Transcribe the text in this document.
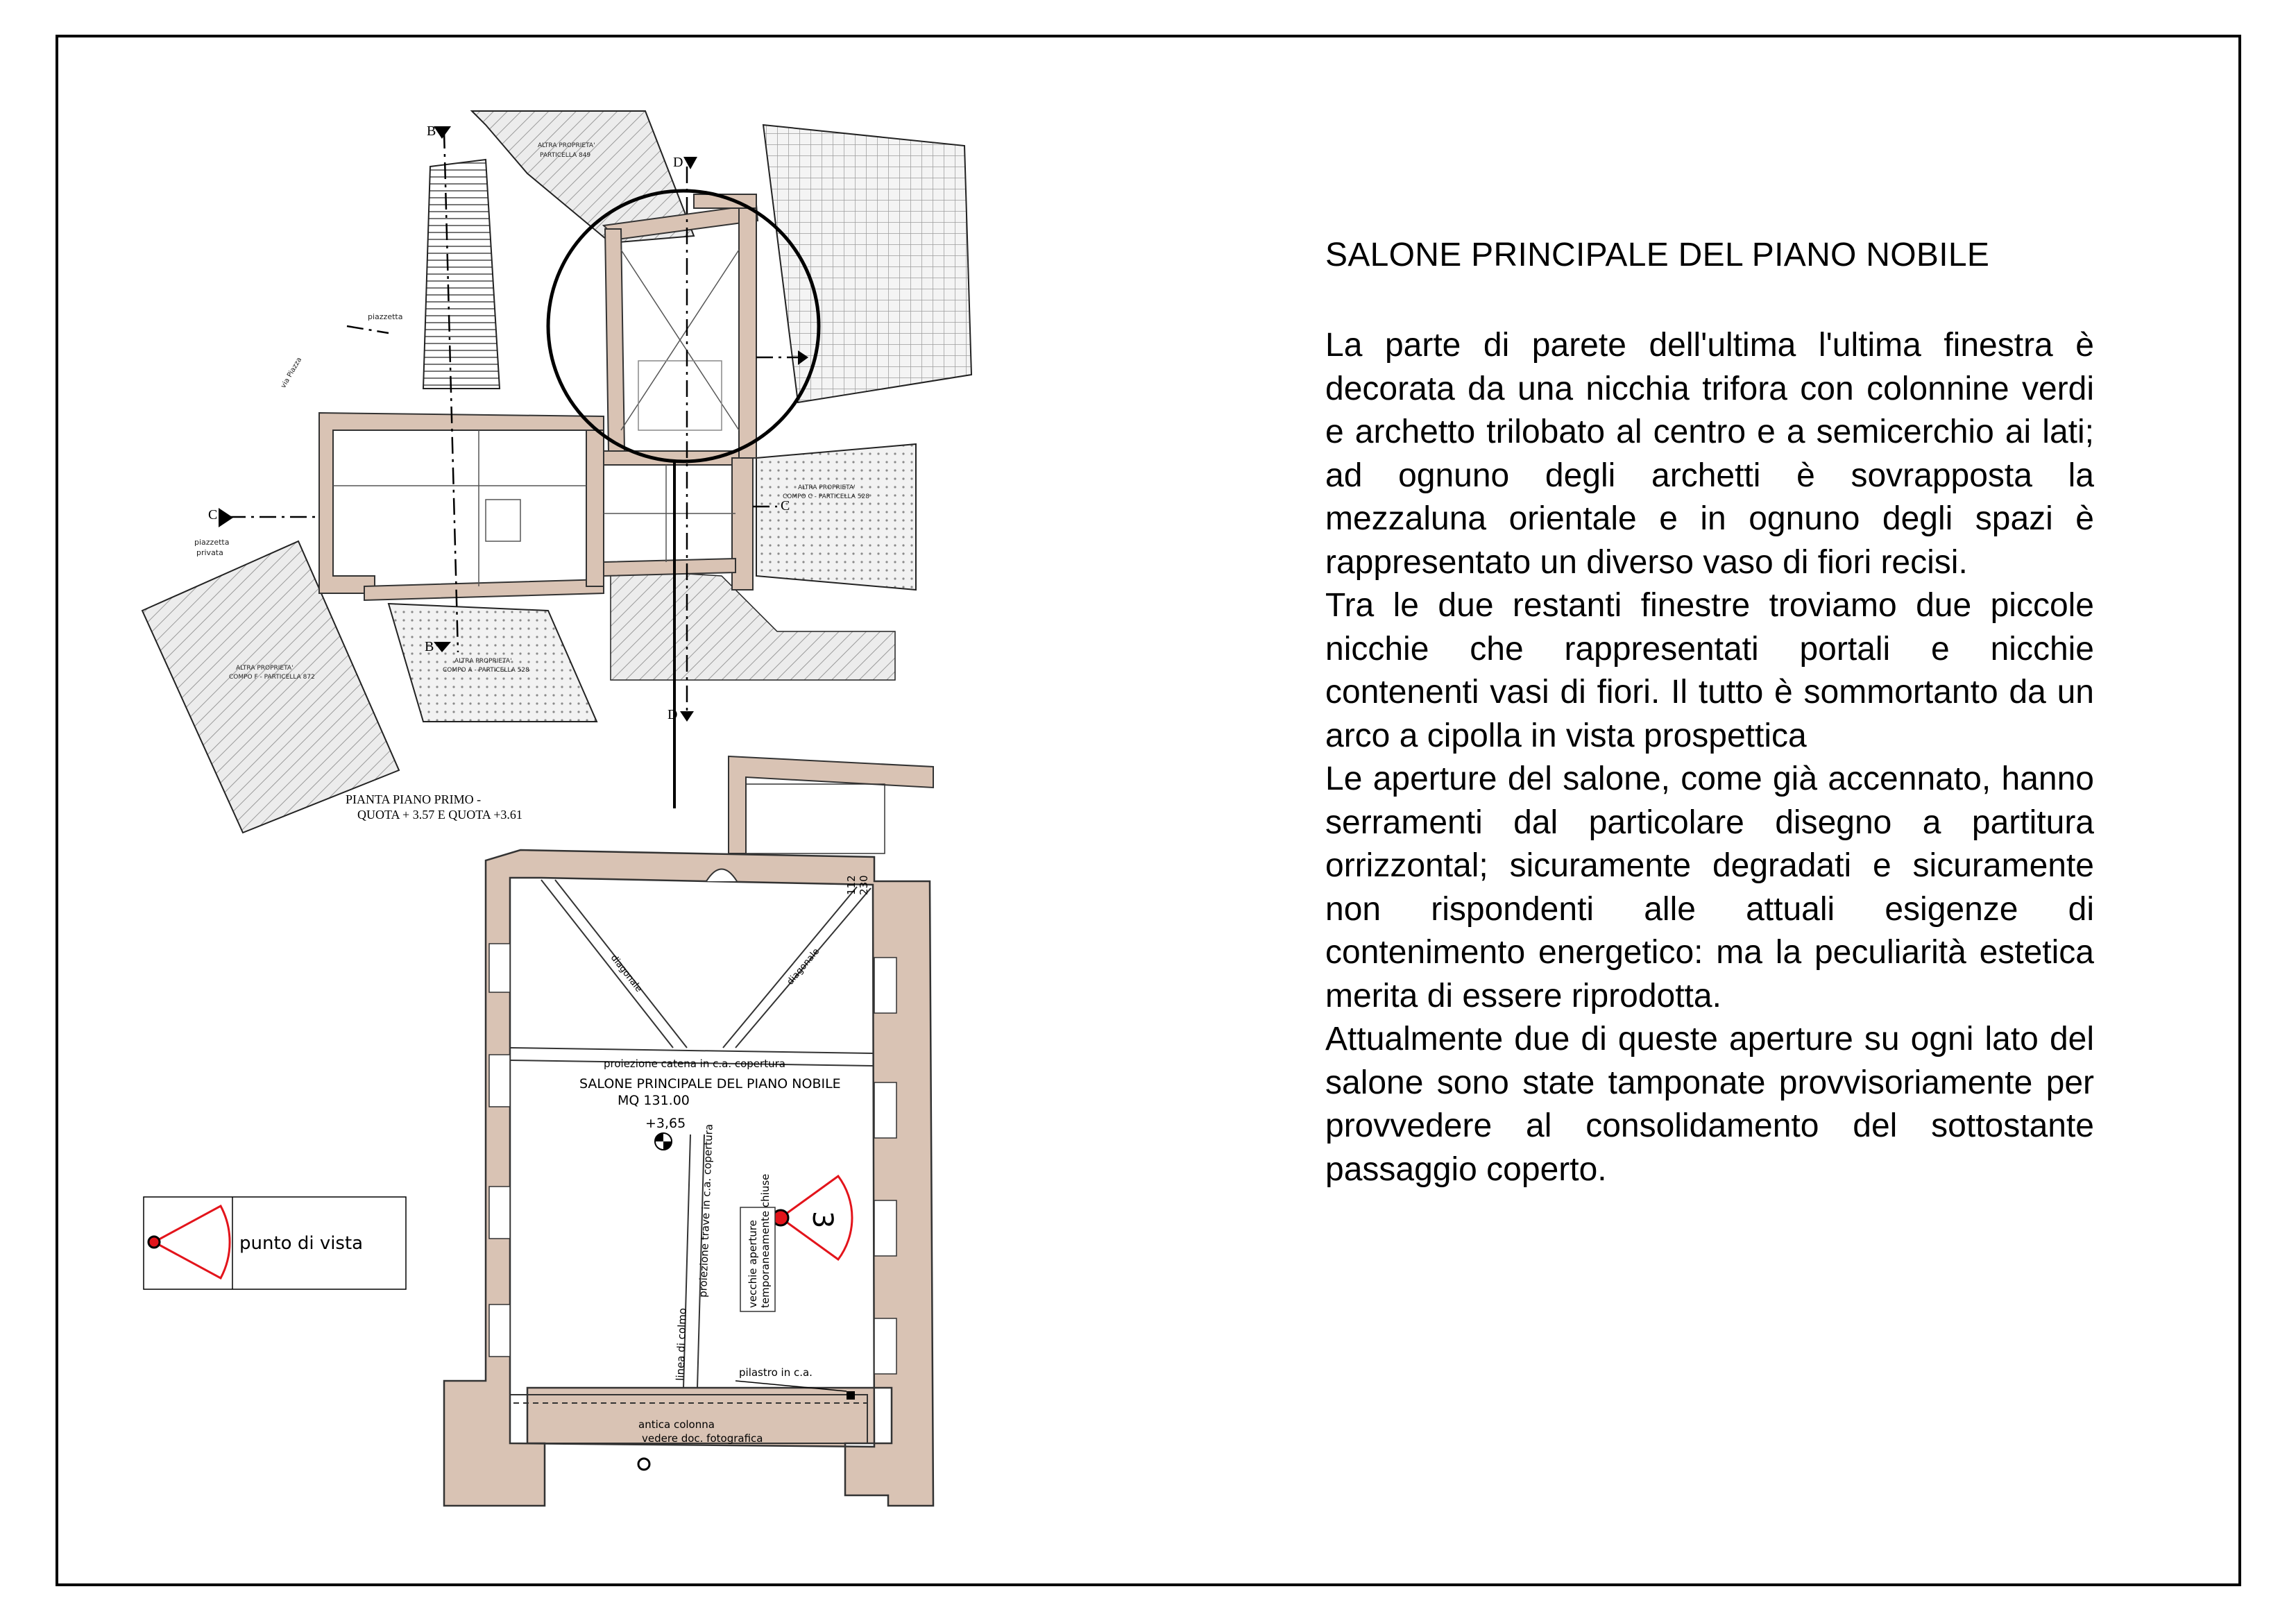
B
B
C
C
D
D
ALTRA PROPRIETA'
PARTICELLA 849
ALTRA PROPRIETA'
COMPO C - PARTICELLA 528
ALTRA PROPRIETA'
COMPO F - PARTICELLA 872
ALTRA PROPRIETA'
COMPO A - PARTICELLA 528
piazzetta
piazzetta
privata
via Piazza
PIANTA PIANO PRIMO -
QUOTA + 3.57 E QUOTA +3.61
3
SALONE PRINCIPALE DEL PIANO NOBILE
MQ 131.00
+3,65
proiezione catena in c.a. copertura
diagonale	diagonale
proiezione trave in c.a. copertura
linea di colmo
vecchie aperture temporaneamente chiuse
pilastro in c.a.
antica colonna
vedere doc. fotografica
112 230
punto di vista
SALONE PRINCIPALE DEL PIANO NOBILE

La parte di parete dell'ultima l'ultima finestra è decorata da una nicchia trifora con colonnine verdi e archetto trilobato al centro e a semicerchio ai lati; ad ognuno degli archetti è sovrapposta la mezzaluna orientale e in ognuno degli spazi è rappresentato un diverso vaso di fiori recisi.

Tra le due restanti finestre troviamo due piccole nicchie che rappresentati portali e nicchie contenenti vasi di fiori. Il tutto è sommortanto da un arco a cipolla in vista prospettica

Le aperture del salone, come già accennato, hanno serramenti dal particolare disegno a partitura orrizzontal; sicuramente degradati e sicuramente non rispondenti alle attuali esigenze di contenimento energetico: ma la peculiarità estetica merita di essere riprodotta.

Attualmente due di queste aperture su ogni lato del salone sono state tamponate provvisoriamente per provvedere al consolidamento del sottostante passaggio coperto.
